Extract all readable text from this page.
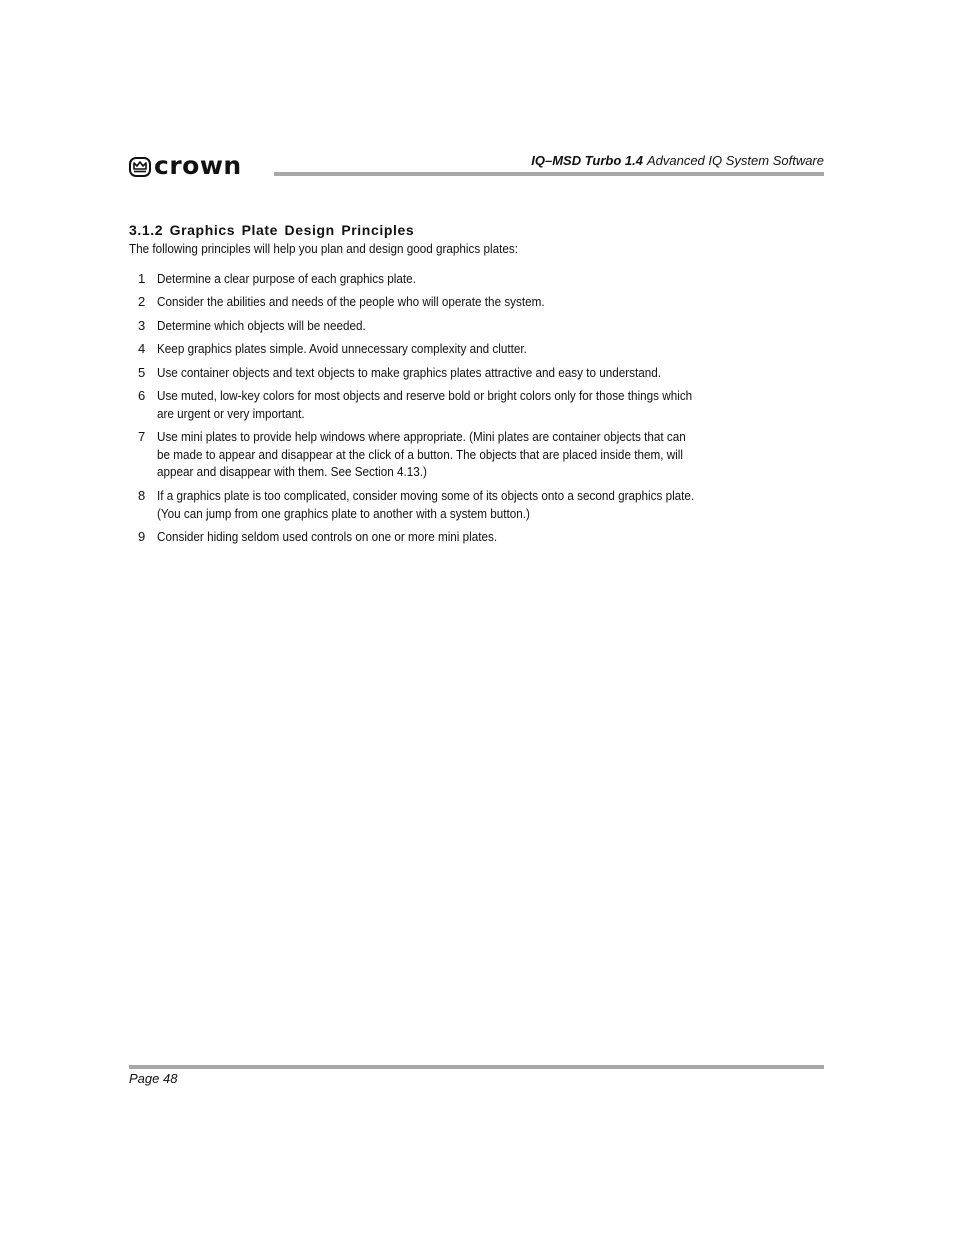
crown	IQ–MSD Turbo 1.4 Advanced IQ System Software
3.1.2 Graphics Plate Design Principles
The following principles will help you plan and design good graphics plates:
1 Determine a clear purpose of each graphics plate.
2 Consider the abilities and needs of the people who will operate the system.
3 Determine which objects will be needed.
4 Keep graphics plates simple. Avoid unnecessary complexity and clutter.
5 Use container objects and text objects to make graphics plates attractive and easy to understand.
6 Use muted, low-key colors for most objects and reserve bold or bright colors only for those things which are urgent or very important.
7 Use mini plates to provide help windows where appropriate. (Mini plates are container objects that can be made to appear and disappear at the click of a button. The objects that are placed inside them, will appear and disappear with them. See Section 4.13.)
8 If a graphics plate is too complicated, consider moving some of its objects onto a second graphics plate. (You can jump from one graphics plate to another with a system button.)
9 Consider hiding seldom used controls on one or more mini plates.
Page 48
